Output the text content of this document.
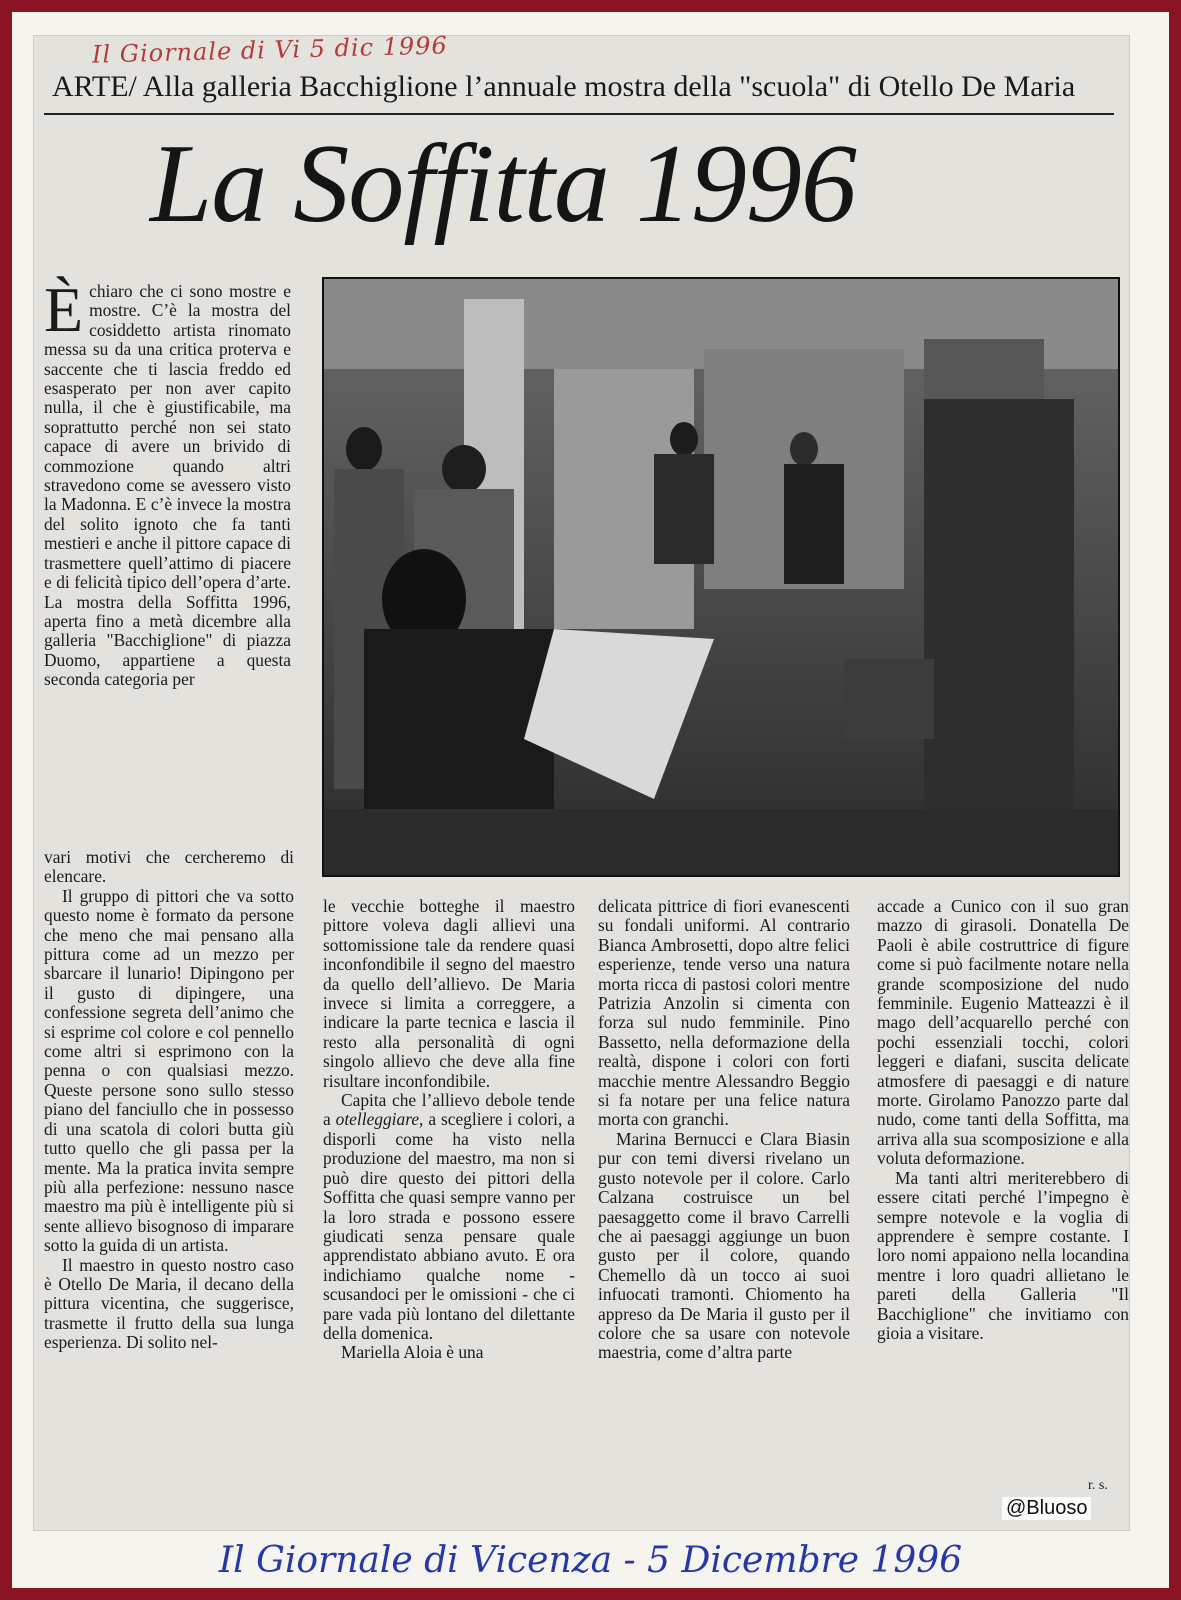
Il Giornale di Vi 5 dic 1996
ARTE/ Alla galleria Bacchiglione l’annuale mostra della "scuola" di Otello De Maria
La Soffitta 1996
È chiaro che ci sono mostre e mostre. C’è la mostra del cosiddetto artista rinomato messa su da una critica proterva e saccente che ti lascia freddo ed esasperato per non aver capito nulla, il che è giustificabile, ma soprattutto perché non sei stato capace di avere un brivido di commozione quando altri stravedono come se avessero visto la Madonna. E c’è invece la mostra del solito ignoto che fa tanti mestieri e anche il pittore capace di trasmettere quell’attimo di piacere e di felicità tipico dell’opera d’arte. La mostra della Soffitta 1996, aperta fino a metà dicembre alla galleria "Bacchiglione" di piazza Duomo, appartiene a questa seconda categoria per

vari motivi che cercheremo di elencare.

Il gruppo di pittori che va sotto questo nome è formato da persone che meno che mai pensano alla pittura come ad un mezzo per sbarcare il lunario! Dipingono per il gusto di dipingere, una confessione segreta dell’animo che si esprime col colore e col pennello come altri si esprimono con la penna o con qualsiasi mezzo. Queste persone sono sullo stesso piano del fanciullo che in possesso di una scatola di colori butta giù tutto quello che gli passa per la mente. Ma la pratica invita sempre più alla perfezione: nessuno nasce maestro ma più è intelligente più si sente allievo bisognoso di imparare sotto la guida di un artista.

Il maestro in questo nostro caso è Otello De Maria, il decano della pittura vicentina, che suggerisce, trasmette il frutto della sua lunga esperienza. Di solito nel-

le vecchie botteghe il maestro pittore voleva dagli allievi una sottomissione tale da rendere quasi inconfondibile il segno del maestro da quello dell’allievo. De Maria invece si limita a correggere, a indicare la parte tecnica e lascia il resto alla personalità di ogni singolo allievo che deve alla fine risultare inconfondibile.

Capita che l’allievo debole tende a otelleggiare, a scegliere i colori, a disporli come ha visto nella produzione del maestro, ma non si può dire questo dei pittori della Soffitta che quasi sempre vanno per la loro strada e possono essere giudicati senza pensare quale apprendistato abbiano avuto. E ora indichiamo qualche nome - scusandoci per le omissioni - che ci pare vada più lontano del dilettante della domenica.

Mariella Aloia è una

delicata pittrice di fiori evanescenti su fondali uniformi. Al contrario Bianca Ambrosetti, dopo altre felici esperienze, tende verso una natura morta ricca di pastosi colori mentre Patrizia Anzolin si cimenta con forza sul nudo femminile. Pino Bassetto, nella deformazione della realtà, dispone i colori con forti macchie mentre Alessandro Beggio si fa notare per una felice natura morta con granchi.

Marina Bernucci e Clara Biasin pur con temi diversi rivelano un gusto notevole per il colore. Carlo Calzana costruisce un bel paesaggetto come il bravo Carrelli che ai paesaggi aggiunge un buon gusto per il colore, quando Chemello dà un tocco ai suoi infuocati tramonti. Chiomento ha appreso da De Maria il gusto per il colore che sa usare con notevole maestria, come d’altra parte

accade a Cunico con il suo gran mazzo di girasoli. Donatella De Paoli è abile costruttrice di figure come si può facilmente notare nella grande scomposizione del nudo femminile. Eugenio Matteazzi è il mago dell’acquarello perché con pochi essenziali tocchi, colori leggeri e diafani, suscita delicate atmosfere di paesaggi e di nature morte. Girolamo Panozzo parte dal nudo, come tanti della Soffitta, ma arriva alla sua scomposizione e alla voluta deformazione.

Ma tanti altri meriterebbero di essere citati perché l’impegno è sempre notevole e la voglia di apprendere è sempre costante. I loro nomi appaiono nella locandina mentre i loro quadri allietano le pareti della Galleria "Il Bacchiglione" che invitiamo con gioia a visitare.

r. s.
@Bluoso
Il Giornale di Vicenza - 5 Dicembre 1996
